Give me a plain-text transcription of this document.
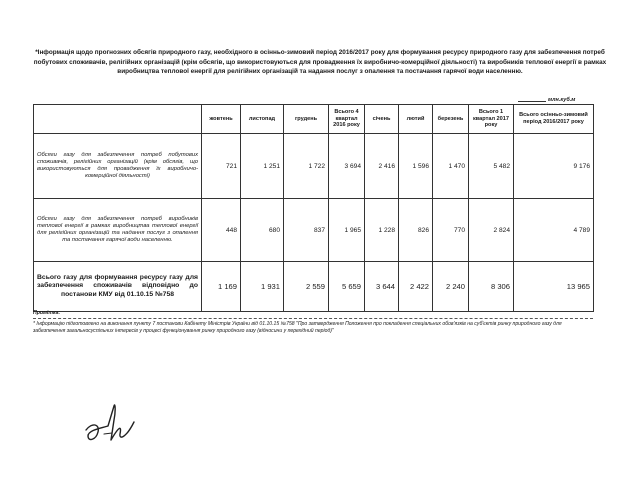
*Інформація щодо прогнозних обсягів природного газу, необхідного в осінньо-зимовий період 2016/2017 року для формування ресурсу природного газу для забезпечення потреб побутових споживачів, релігійних організацій (крім обсягів, що використовуються для провадження їх виробничо-комерційної діяльності) та виробників теплової енергії в рамках виробництва теплової енергії для релігійних організацій та надання послуг з опалення та постачання гарячої води населенню.
млн.куб.м
	жовтень	листопад	грудень	Всього 4 квартал 2016 року	січень	лютий	березень	Всього 1 квартал 2017 року	Всього осінньо-зимовий період 2016/2017 року
Обсяги газу для забезпечення потреб побутових споживачів, релігійних організацій (крім обсягів, що використовуються для провадження їх виробничо-комерційної діяльності)	721	1 251	1 722	3 694	2 416	1 596	1 470	5 482	9 176
Обсяги газу для забезпечення потреб виробників теплової енергії в рамках виробництва теплової енергії для релігійних організацій та надання послуг з опалення та постачання гарячої води населенню.	448	680	837	1 965	1 228	826	770	2 824	4 789
Всього газу для формування ресурсу газу для забезпечення споживачів відповідно до постанови КМУ від 01.10.15 №758	1 169	1 931	2 559	5 659	3 644	2 422	2 240	8 306	13 965
Примітка:
* Інформацію підготовлено на виконання пункту 7 постанови Кабінету Міністрів України від 01.10.15 №758 "Про затвердження Положення про покладення спеціальних обов'язків на суб'єктів ринку природного газу для забезпечення загальносуспільних інтересів у процесі функціонування ринку природного газу (відносини у перехідний період)"
